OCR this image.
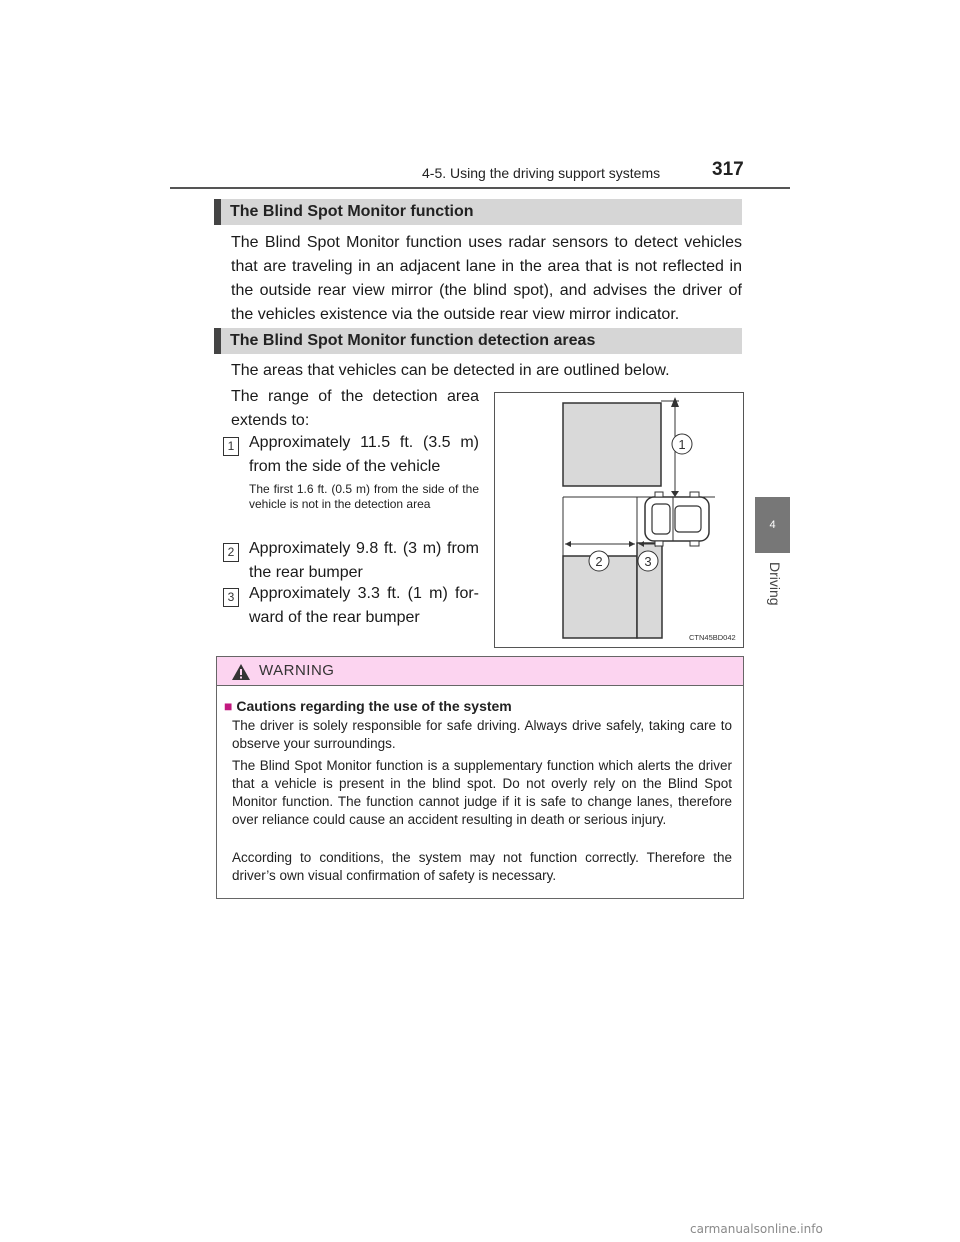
4-5. Using the driving support systems	317
4
Driving
The Blind Spot Monitor function

The Blind Spot Monitor function uses radar sensors to detect vehicles that are traveling in an adjacent lane in the area that is not reflected in the outside rear view mirror (the blind spot), and advises the driver of the vehicles existence via the outside rear view mirror indicator.

The Blind Spot Monitor function detection areas

The areas that vehicles can be detected in are outlined below.

The range of the detection area extends to:

1 Approximately 11.5 ft. (3.5 m) from the side of the vehicle

The first 1.6 ft. (0.5 m) from the side of the vehicle is not in the detection area

2 Approximately 9.8 ft. (3 m) from the rear bumper

3 Approximately 3.3 ft. (1 m) for-ward of the rear bumper

1
2	3
CTN45BD042
WARNING
■ Cautions regarding the use of the system

The driver is solely responsible for safe driving. Always drive safely, taking care to observe your surroundings.

The Blind Spot Monitor function is a supplementary function which alerts the driver that a vehicle is present in the blind spot. Do not overly rely on the Blind Spot Monitor function. The function cannot judge if it is safe to change lanes, therefore over reliance could cause an accident resulting in death or serious injury.

According to conditions, the system may not function correctly. Therefore the driver’s own visual confirmation of safety is necessary.

carmanualsonline.info
